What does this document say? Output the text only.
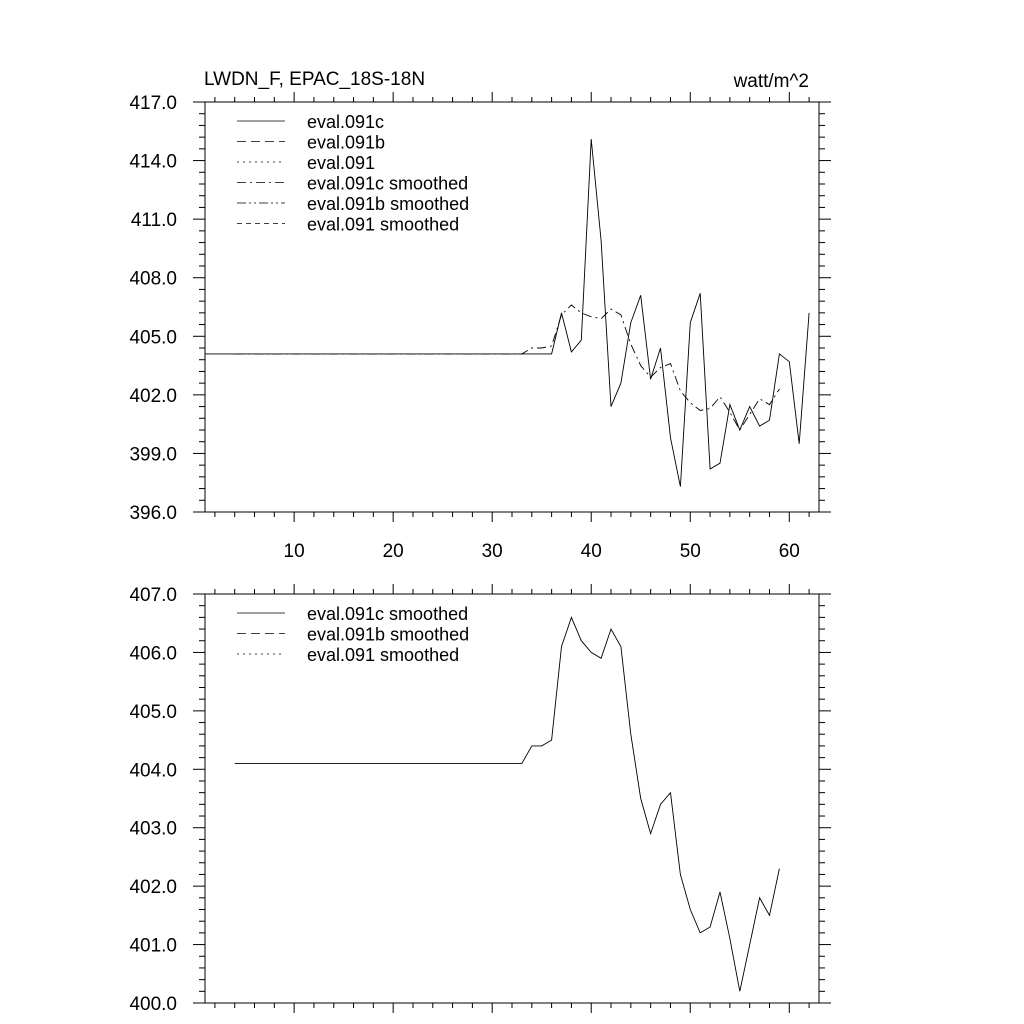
10	20	30	40	50	60
396.0
399.0
402.0
405.0
408.0
411.0
414.0
417.0
LWDN_F, EPAC_18S-18N	watt/m^2
eval.091c
eval.091b
eval.091
eval.091c smoothed
eval.091b smoothed
eval.091 smoothed
400.0
401.0
402.0
403.0
404.0
405.0
406.0
407.0
eval.091c smoothed
eval.091b smoothed
eval.091 smoothed
